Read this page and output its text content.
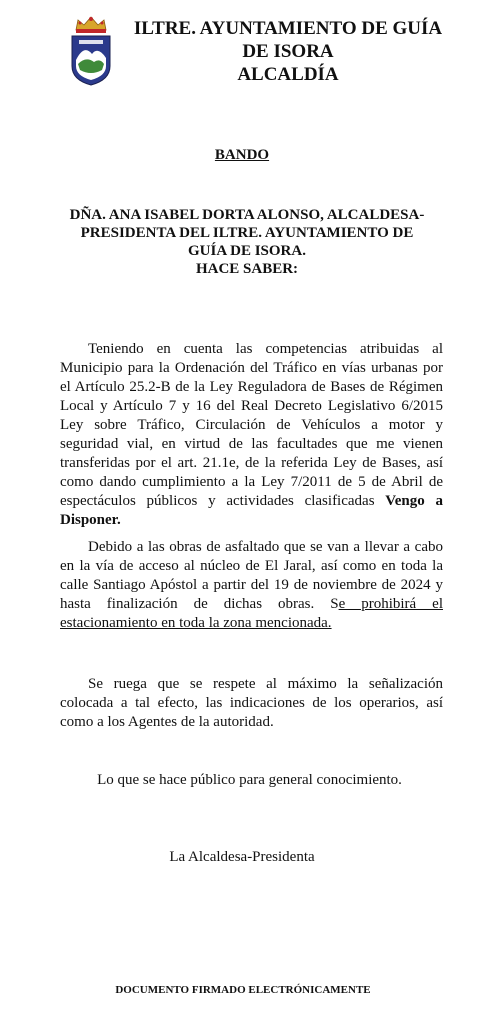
ILTRE. AYUNTAMIENTO DE GUÍA
DE ISORA
ALCALDÍA
BANDO
DÑA. ANA ISABEL DORTA ALONSO, ALCALDESA-
PRESIDENTA DEL ILTRE. AYUNTAMIENTO DE
GUÍA DE ISORA.
HACE SABER:
Teniendo en cuenta las competencias atribuidas al Municipio para la Ordenación del Tráfico en vías urbanas por el Artículo 25.2-B de la Ley Reguladora de Bases de Régimen Local y Artículo 7 y 16 del Real Decreto Legislativo 6/2015 Ley sobre Tráfico, Circulación de Vehículos a motor y seguridad vial, en virtud de las facultades que me vienen transferidas por el art. 21.1e, de la referida Ley de Bases, así como dando cumplimiento a la Ley 7/2011 de 5 de Abril de espectáculos públicos y actividades clasificadas Vengo a Disponer.
Debido a las obras de asfaltado que se van a llevar a cabo en la vía de acceso al núcleo de El Jaral, así como en toda la calle Santiago Apóstol a partir del 19 de noviembre de 2024 y hasta finalización de dichas obras. Se prohibirá el estacionamiento en toda la zona mencionada.
Se ruega que se respete al máximo la señalización colocada a tal efecto, las indicaciones de los operarios, así como a los Agentes de la autoridad.
Lo que se hace público para general conocimiento.
La Alcaldesa-Presidenta
DOCUMENTO FIRMADO ELECTRÓNICAMENTE
